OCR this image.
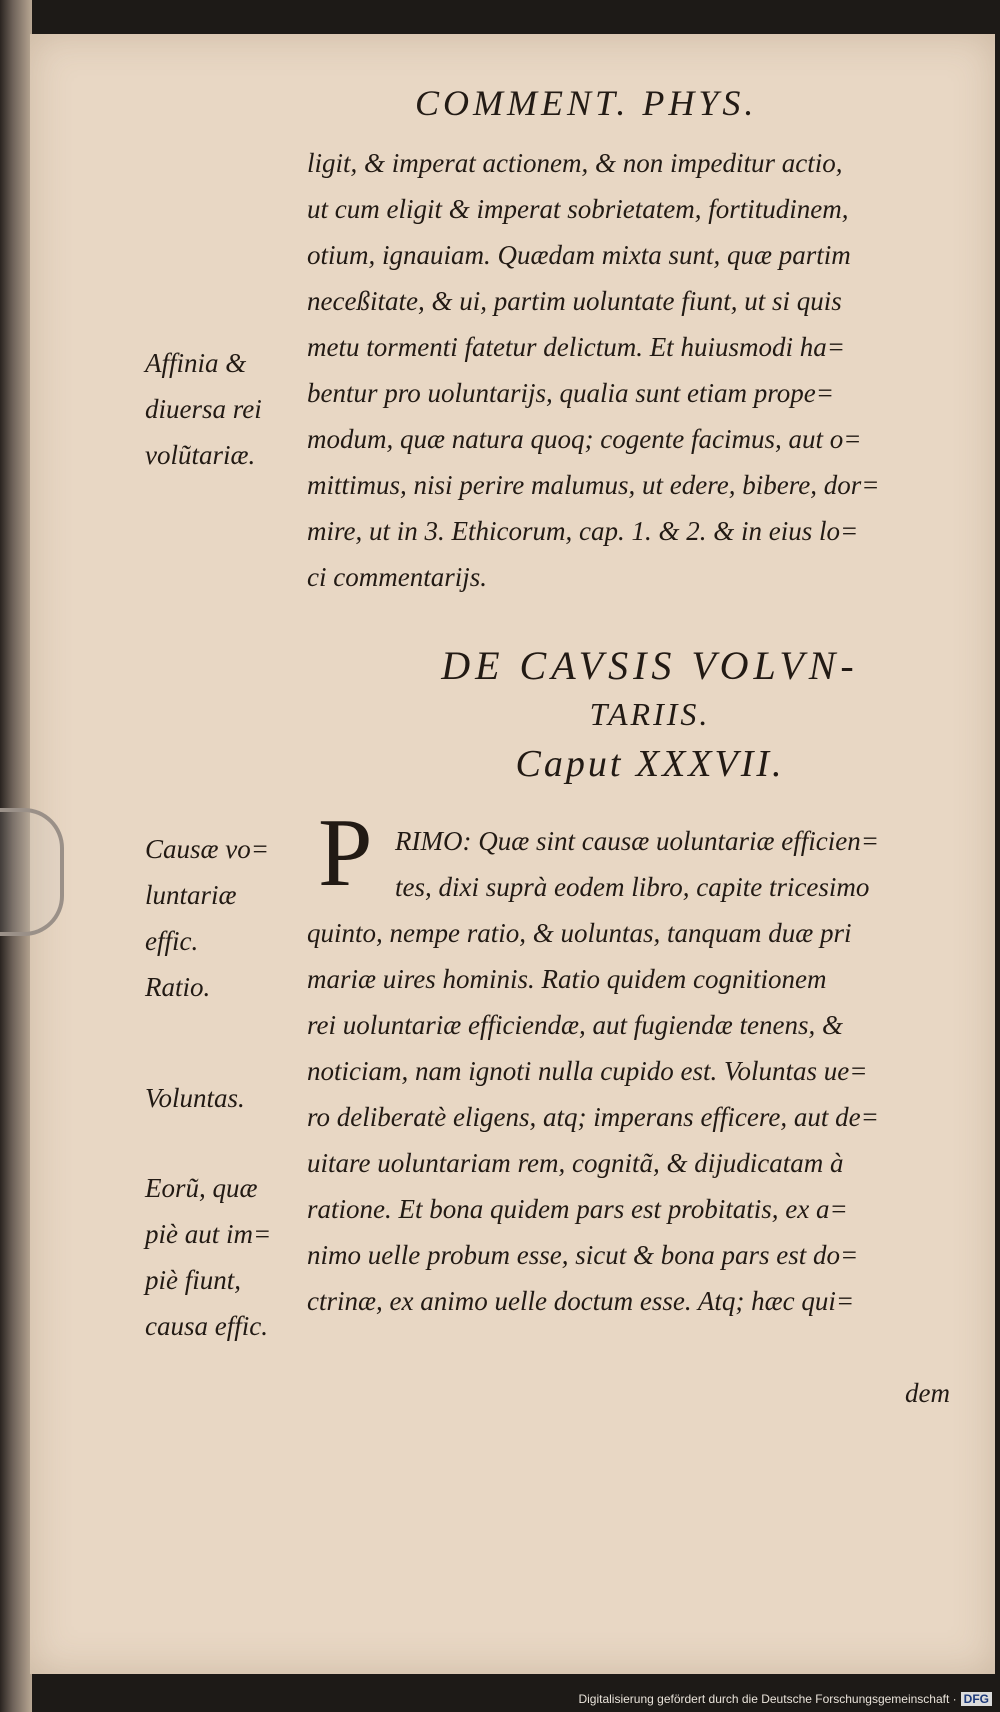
COMMENT. PHYS.
ligit, & imperat actionem, & non impeditur actio,
ut cum eligit & imperat sobrietatem, fortitudinem,
otium, ignauiam. Quædam mixta sunt, quæ partim
neceßitate, & ui, partim uoluntate fiunt, ut si quis
metu tormenti fatetur delictum. Et huiusmodi ha=
bentur pro uoluntarijs, qualia sunt etiam prope=
modum, quæ natura quoq; cogente facimus, aut o=
mittimus, nisi perire malumus, ut edere, bibere, dor=
mire, ut in 3. Ethicorum, cap. 1. & 2. & in eius lo=
ci commentarijs.
Affinia &
diuersa rei
volũtariæ.
DE CAVSIS VOLVN-
TARIIS.
Caput XXXVII.
P RIMO: Quæ sint causæ uoluntariæ efficien=
tes, dixi suprà eodem libro, capite tricesimo
quinto, nempe ratio, & uoluntas, tanquam duæ pri
mariæ uires hominis. Ratio quidem cognitionem
rei uoluntariæ efficiendæ, aut fugiendæ tenens, &
noticiam, nam ignoti nulla cupido est. Voluntas ue=
ro deliberatè eligens, atq; imperans efficere, aut de=
uitare uoluntariam rem, cognitã, & dijudicatam à
ratione. Et bona quidem pars est probitatis, ex a=
nimo uelle probum esse, sicut & bona pars est do=
ctrinæ, ex animo uelle doctum esse. Atq; hæc qui=
dem
Causæ vo=
luntariæ
effic.
Ratio.
Voluntas.
Eorũ, quæ
piè aut im=
piè fiunt,
causa effic.
Digitalisierung gefördert durch die Deutsche Forschungsgemeinschaft · DFG
